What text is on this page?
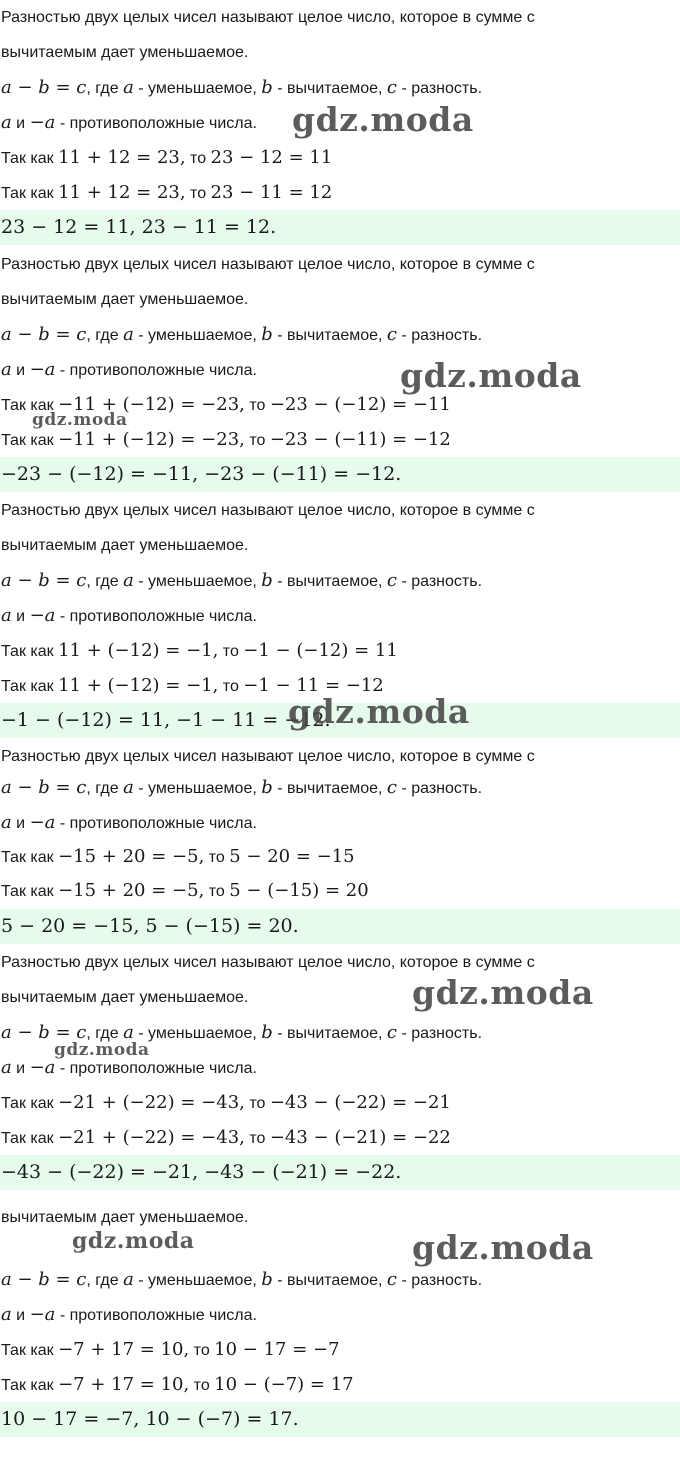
Разностью двух целых чисел называют целое число, которое в сумме с
вычитаемым дает уменьшаемое.
a − b = c, где a - уменьшаемое, b - вычитаемое, c - разность.
a и −a - противоположные числа.
Так как 11 + 12 = 23, то 23 − 12 = 11
Так как 11 + 12 = 23, то 23 − 11 = 12
23 − 12 = 11, 23 − 11 = 12.
Разностью двух целых чисел называют целое число, которое в сумме с
вычитаемым дает уменьшаемое.
a − b = c, где a - уменьшаемое, b - вычитаемое, c - разность.
a и −a - противоположные числа.
Так как −11 + (−12) = −23, то −23 − (−12) = −11
Так как −11 + (−12) = −23, то −23 − (−11) = −12
−23 − (−12) = −11, −23 − (−11) = −12.
Разностью двух целых чисел называют целое число, которое в сумме с
вычитаемым дает уменьшаемое.
a − b = c, где a - уменьшаемое, b - вычитаемое, c - разность.
a и −a - противоположные числа.
Так как 11 + (−12) = −1, то −1 − (−12) = 11
Так как 11 + (−12) = −1, то −1 − 11 = −12
−1 − (−12) = 11, −1 − 11 = −12.
Разностью двух целых чисел называют целое число, которое в сумме с
a − b = c, где a - уменьшаемое, b - вычитаемое, c - разность.
a и −a - противоположные числа.
Так как −15 + 20 = −5, то 5 − 20 = −15
Так как −15 + 20 = −5, то 5 − (−15) = 20
5 − 20 = −15, 5 − (−15) = 20.
Разностью двух целых чисел называют целое число, которое в сумме с
вычитаемым дает уменьшаемое.
a − b = c, где a - уменьшаемое, b - вычитаемое, c - разность.
a и −a - противоположные числа.
Так как −21 + (−22) = −43, то −43 − (−22) = −21
Так как −21 + (−22) = −43, то −43 − (−21) = −22
−43 − (−22) = −21, −43 − (−21) = −22.
вычитаемым дает уменьшаемое.
a − b = c, где a - уменьшаемое, b - вычитаемое, c - разность.
a и −a - противоположные числа.
Так как −7 + 17 = 10, то 10 − 17 = −7
Так как −7 + 17 = 10, то 10 − (−7) = 17
10 − 17 = −7, 10 − (−7) = 17.
gdz.moda
gdz.moda
gdz.moda
gdz.moda
gdz.moda
gdz.moda
gdz.moda	gdz.moda
